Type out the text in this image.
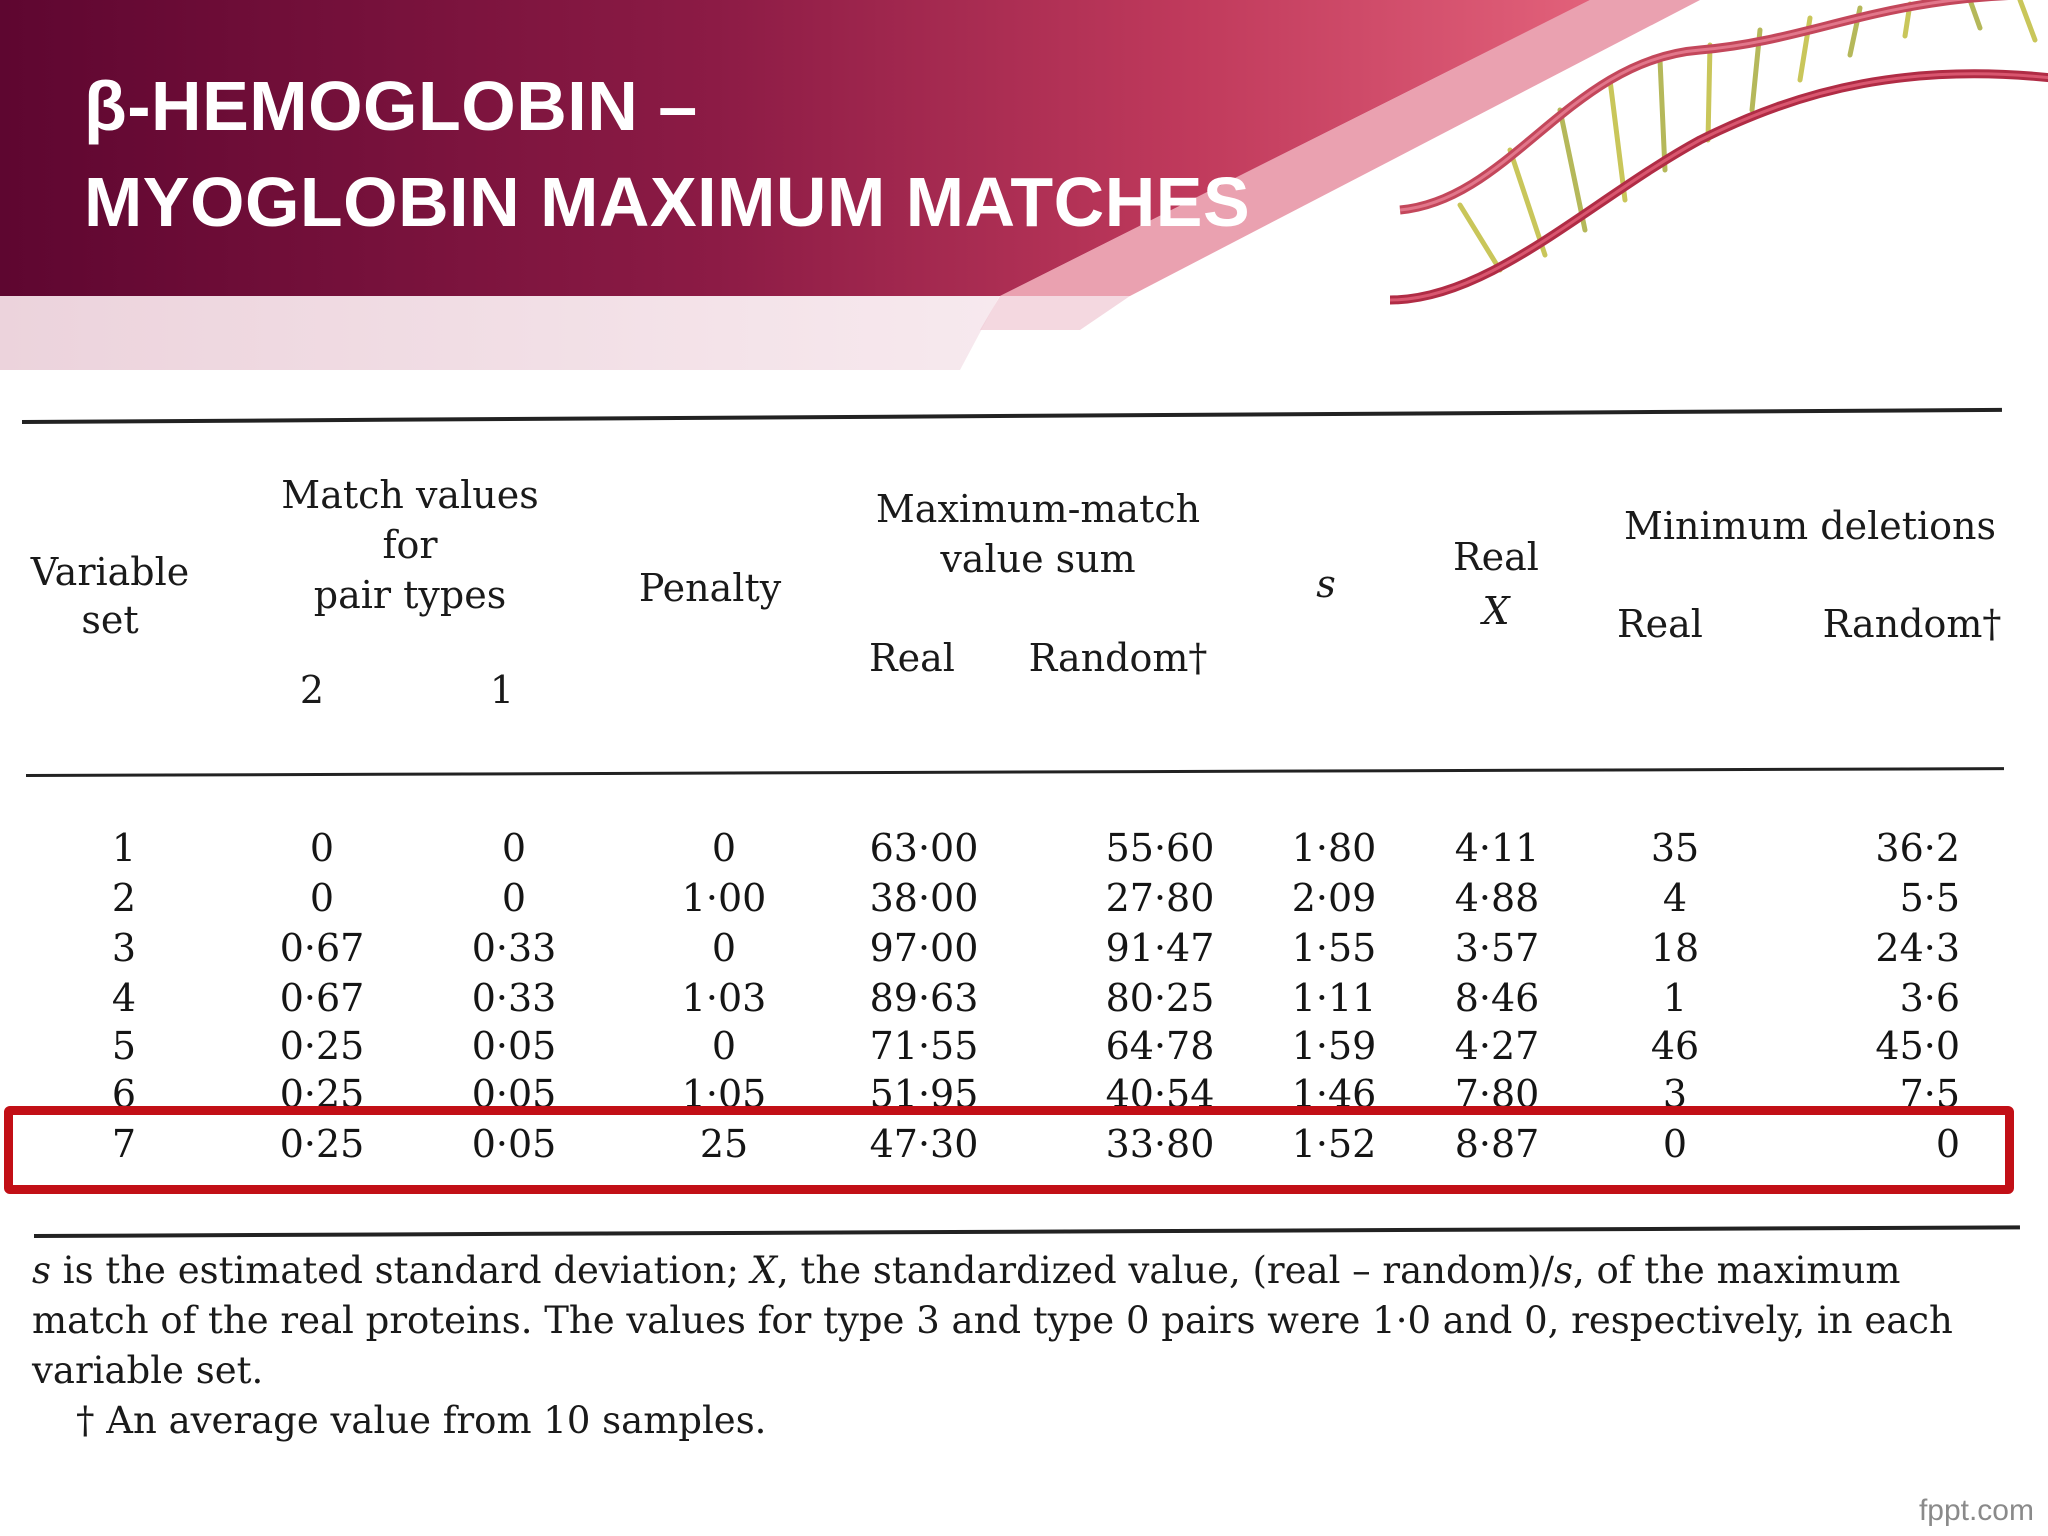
β-HEMOGLOBIN –
MYOGLOBIN MAXIMUM MATCHES
Variable
set
Match values
for
pair types
2	1
Penalty
Maximum-match
value sum
Real Random†
s
Real
X
Minimum deletions
Real	Random†
1	0	0	0	63·00	55·60 1·80 4·11	35	36·2
2	0	0	1·00	38·00	27·80 2·09 4·88	4	5·5
3	0·67	0·33	0	97·00	91·47 1·55 3·57	18	24·3
4	0·67	0·33	1·03	89·63	80·25 1·11 8·46	1	3·6
5	0·25	0·05	0	71·55	64·78 1·59 4·27	46	45·0
6	0·25	0·05	1·05	51·95	40·54 1·46 7·80	3	7·5
7	0·25	0·05	25	47·30	33·80 1·52 8·87	0	0

s is the estimated standard deviation; X, the standardized value, (real – random)/s, of the maximum match of the real proteins. The values for type 3 and type 0 pairs were 1·0 and 0, respectively, in each variable set.

† An average value from 10 samples.

fppt.com
